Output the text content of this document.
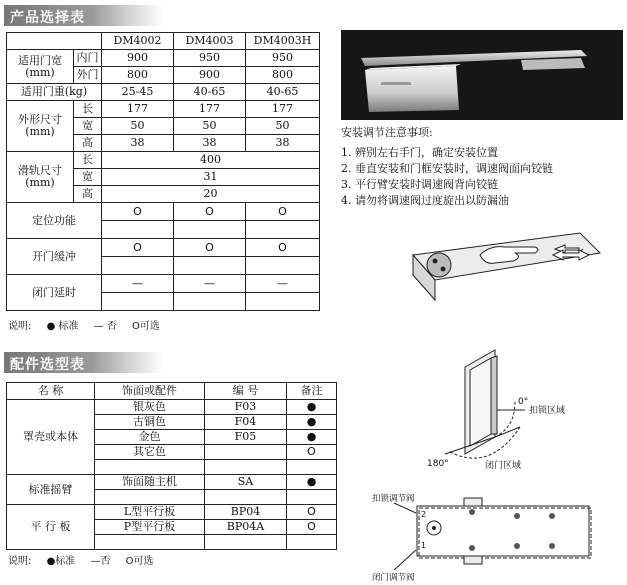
产品选择表
		DM4002	DM4003	DM4003H

适用门宽
(mm)	内门	900	950	950
	外门	800	900	800
适用门重(kg)		25-45	40-65	40-65

外形尺寸
(mm)	长	177	177	177
	宽	50	50	50
	高	38	38	38

滑轨尺寸
(mm)	长	400		
	宽	31		
	高	20		
定位功能		O	O	O

开门缓冲		O	O	O

闭门延时		—	—	—

说明: ● 标准 — 否 O可选
配件选型表
名 称	饰面或配件	编 号	备注
罩壳或本体	银灰色	F03	●
	古铜色	F04	●
	金色	F05	●
	其它色		O

标准摇臂	饰面随主机	SA	●

平 行 板	L型平行板	BP04	O
	P型平行板	BP04A	O

说明: ●标准 —否 O可选
安装调节注意事项:
1. 辨别左右手门，确定安装位置
2. 垂直安装和门框安装时，调速阀面向铰链
3. 平行臂安装时调速阀背向铰链
4. 请勿将调速阀过度旋出以防漏油
0°
扣锁区域
180°	闭门区域
扣锁调节阀
2
1
闭门调节阀
